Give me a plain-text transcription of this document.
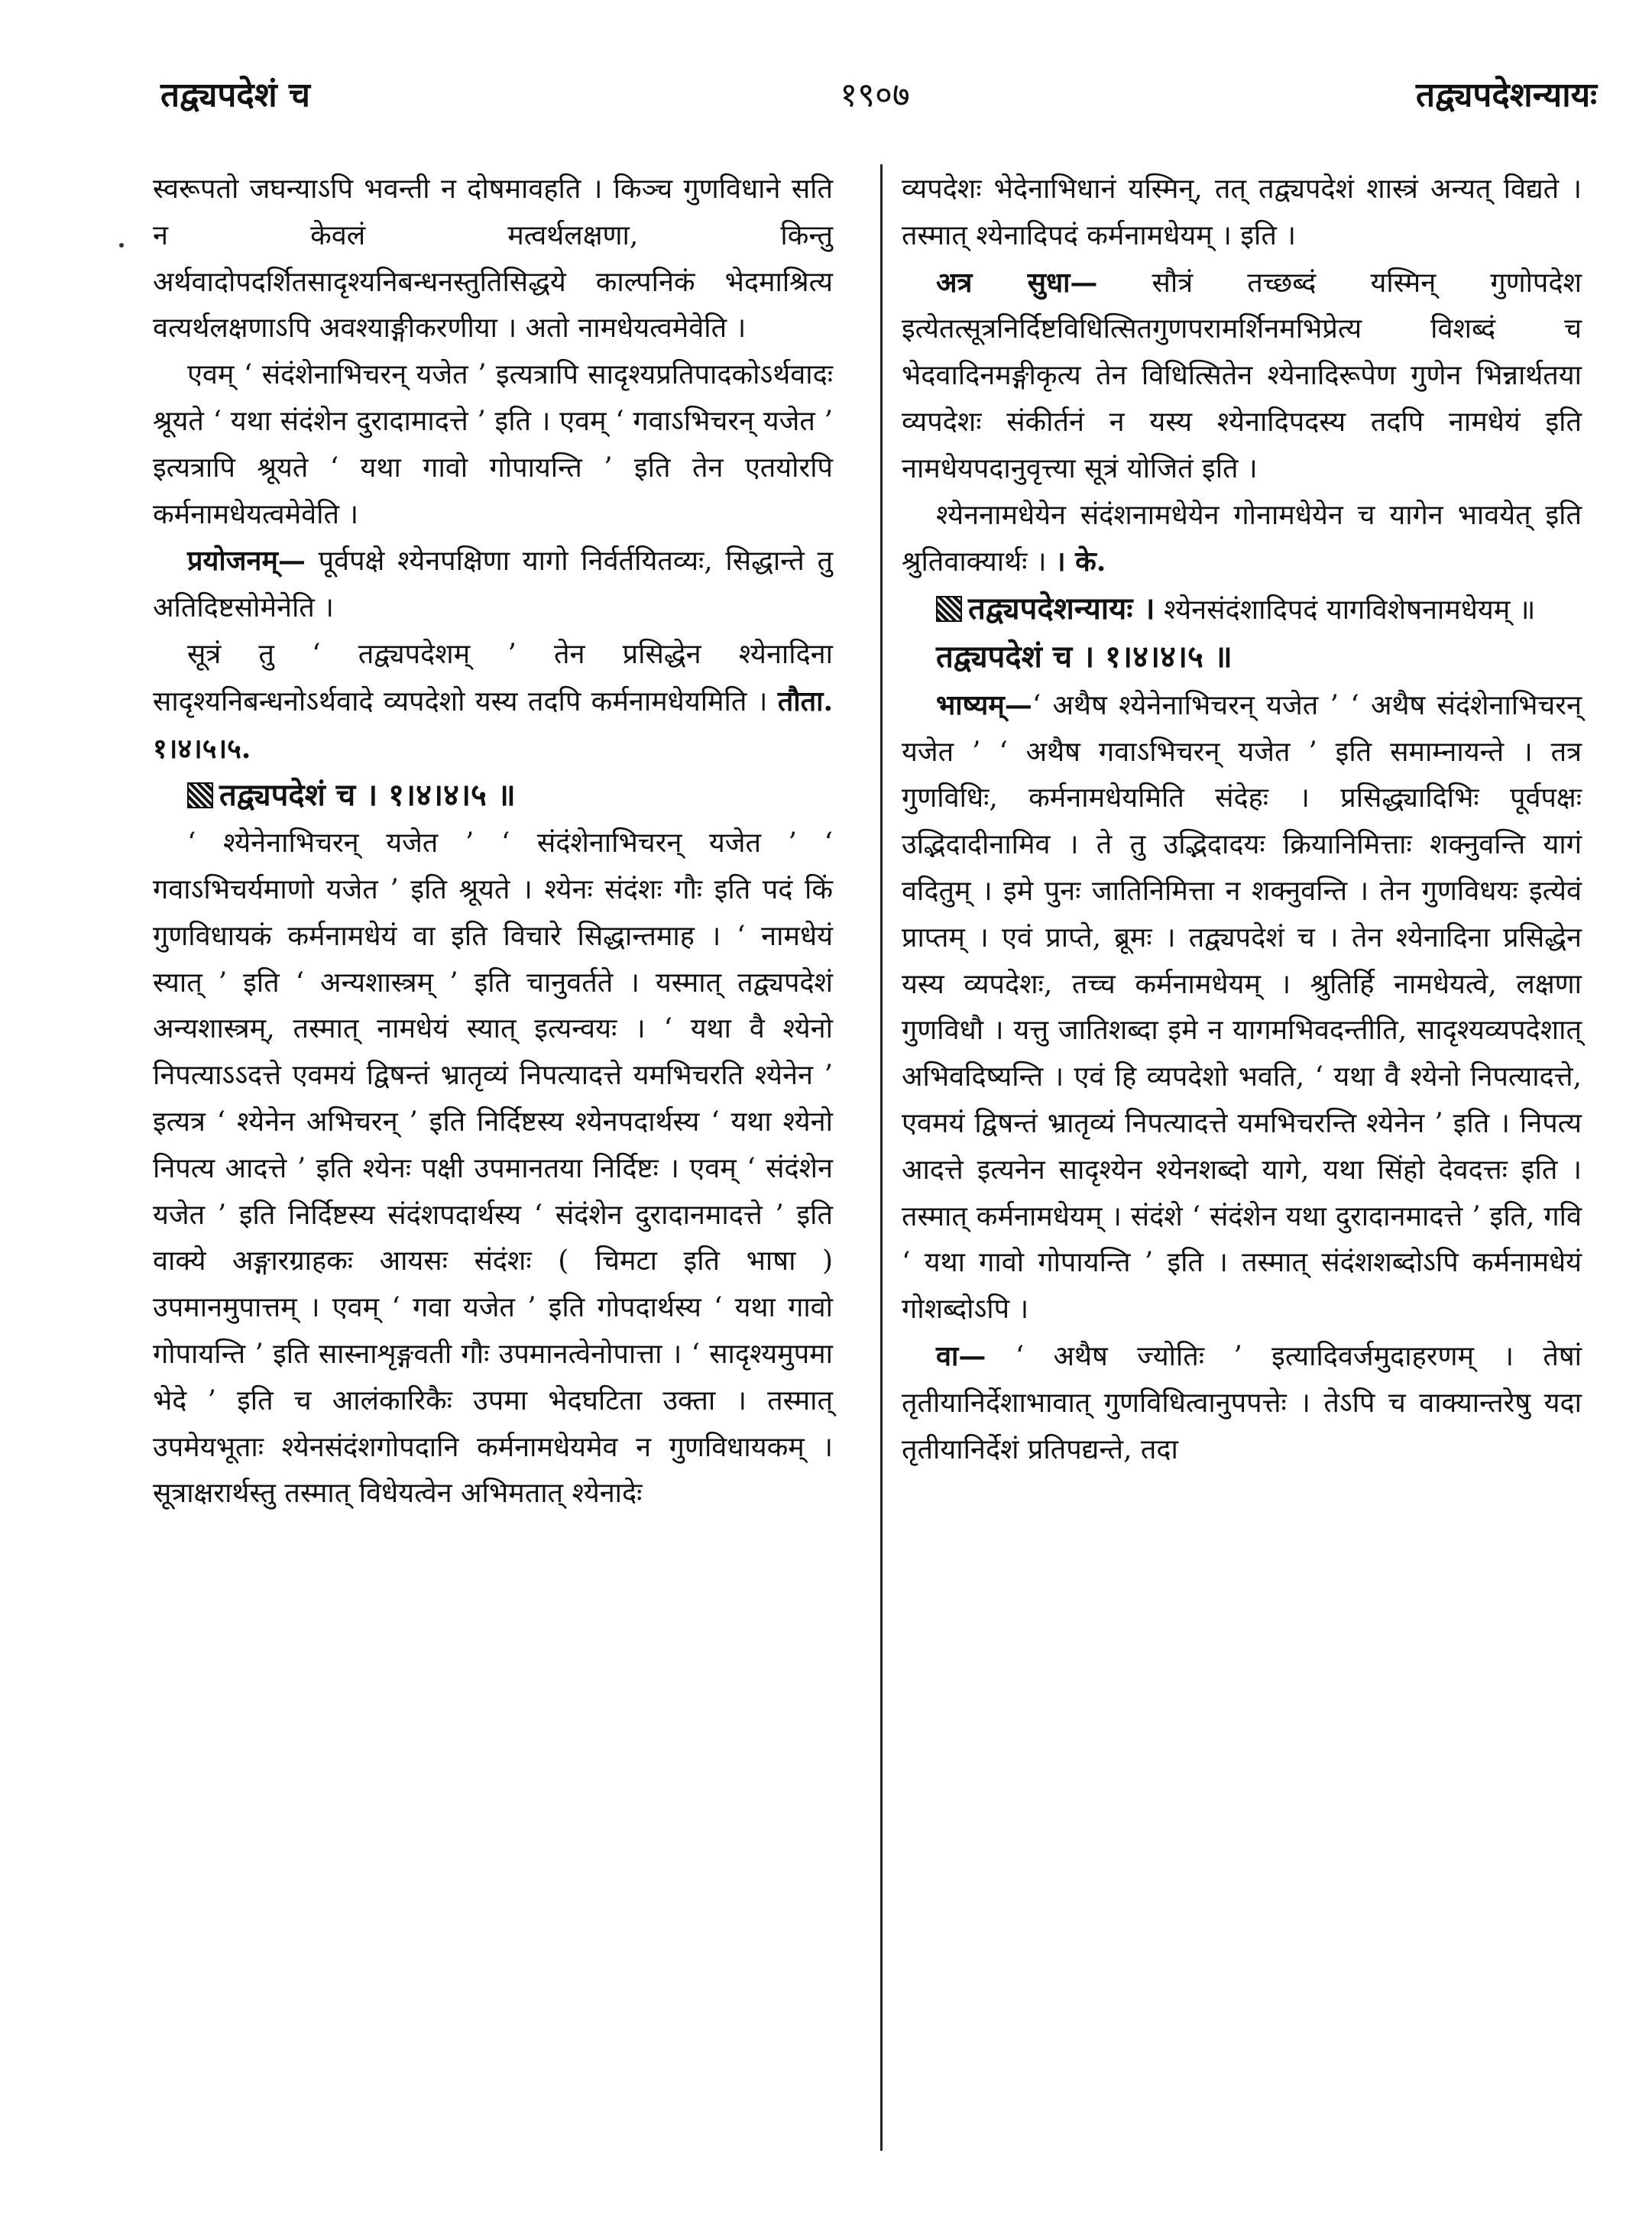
तद्व्यपदेशं च	१९०७	तद्व्यपदेशन्यायः

स्वरूपतो जघन्याऽपि भवन्ती न दोषमावहति । किञ्च गुणविधाने सति न केवलं मत्वर्थलक्षणा, किन्तु अर्थवादोपदर्शितसादृश्यनिबन्धनस्तुतिसिद्धये काल्पनिकं भेदमाश्रित्य वत्यर्थलक्षणाऽपि अवश्याङ्गीकरणीया । अतो नामधेयत्वमेवेति ।

एवम् ‘ संदंशेनाभिचरन् यजेत ’ इत्यत्रापि सादृश्यप्रतिपादकोऽर्थवादः श्रूयते ‘ यथा संदंशेन दुरादामादत्ते ’ इति । एवम् ‘ गवाऽभिचरन् यजेत ’ इत्यत्रापि श्रूयते ‘ यथा गावो गोपायन्ति ’ इति तेन एतयोरपि कर्मनामधेयत्वमेवेति ।

प्रयोजनम्— पूर्वपक्षे श्येनपक्षिणा यागो निर्वर्तयितव्यः, सिद्धान्ते तु अतिदिष्टसोमेनेति ।

सूत्रं तु ‘ तद्व्यपदेशम् ’ तेन प्रसिद्धेन श्येनादिना सादृश्यनिबन्धनोऽर्थवादे व्यपदेशो यस्य तदपि कर्मनामधेयमिति । तौता. १।४।५।५.

तद्व्यपदेशं च । १।४।४।५ ॥

‘ श्येनेनाभिचरन् यजेत ’ ‘ संदंशेनाभिचरन् यजेत ’ ‘ गवाऽभिचर्यमाणो यजेत ’ इति श्रूयते । श्येनः संदंशः गौः इति पदं किं गुणविधायकं कर्मनामधेयं वा इति विचारे सिद्धान्तमाह । ‘ नामधेयं स्यात् ’ इति ‘ अन्यशास्त्रम् ’ इति चानुवर्तते । यस्मात् तद्व्यपदेशं अन्यशास्त्रम्, तस्मात् नामधेयं स्यात् इत्यन्वयः । ‘ यथा वै श्येनो निपत्याऽऽदत्ते एवमयं द्विषन्तं भ्रातृव्यं निपत्यादत्ते यमभिचरति श्येनेन ’ इत्यत्र ‘ श्येनेन अभिचरन् ’ इति निर्दिष्टस्य श्येनपदार्थस्य ‘ यथा श्येनो निपत्य आदत्ते ’ इति श्येनः पक्षी उपमानतया निर्दिष्टः । एवम् ‘ संदंशेन यजेत ’ इति निर्दिष्टस्य संदंशपदार्थस्य ‘ संदंशेन दुरादानमादत्ते ’ इति वाक्ये अङ्गारग्राहकः आयसः संदंशः ( चिमटा इति भाषा ) उपमानमुपात्तम् । एवम् ‘ गवा यजेत ’ इति गोपदार्थस्य ‘ यथा गावो गोपायन्ति ’ इति सास्नाशृङ्गवती गौः उपमानत्वेनोपात्ता । ‘ सादृश्यमुपमा भेदे ’ इति च आलंकारिकैः उपमा भेदघटिता उक्ता । तस्मात् उपमेयभूताः श्येनसंदंशगोपदानि कर्मनामधेयमेव न गुणविधायकम् । सूत्राक्षरार्थस्तु तस्मात् विधेयत्वेन अभिमतात् श्येनादेः

व्यपदेशः भेदेनाभिधानं यस्मिन्, तत् तद्व्यपदेशं शास्त्रं अन्यत् विद्यते । तस्मात् श्येनादिपदं कर्मनामधेयम् । इति ।

अत्र सुधा— सौत्रं तच्छब्दं यस्मिन् गुणोपदेश इत्येतत्सूत्रनिर्दिष्टविधित्सितगुणपरामर्शिनमभिप्रेत्य विशब्दं च भेदवादिनमङ्गीकृत्य तेन विधित्सितेन श्येनादिरूपेण गुणेन भिन्नार्थतया व्यपदेशः संकीर्तनं न यस्य श्येनादिपदस्य तदपि नामधेयं इति नामधेयपदानुवृत्त्या सूत्रं योजितं इति ।

श्येननामधेयेन संदंशनामधेयेन गोनामधेयेन च यागेन भावयेत् इति श्रुतिवाक्यार्थः । । के.

तद्व्यपदेशन्यायः । श्येनसंदंशादिपदं यागविशेषनामधेयम् ॥

तद्व्यपदेशं च । १।४।४।५ ॥

भाष्यम्—‘ अथैष श्येनेनाभिचरन् यजेत ’ ‘ अथैष संदंशेनाभिचरन् यजेत ’ ‘ अथैष गवाऽभिचरन् यजेत ’ इति समाम्नायन्ते । तत्र गुणविधिः, कर्मनामधेयमिति संदेहः । प्रसिद्ध्यादिभिः पूर्वपक्षः उद्भिदादीनामिव । ते तु उद्भिदादयः क्रियानिमित्ताः शक्नुवन्ति यागं वदितुम् । इमे पुनः जातिनिमित्ता न शक्नुवन्ति । तेन गुणविधयः इत्येवं प्राप्तम् । एवं प्राप्ते, ब्रूमः । तद्व्यपदेशं च । तेन श्येनादिना प्रसिद्धेन यस्य व्यपदेशः, तच्च कर्मनामधेयम् । श्रुतिर्हि नामधेयत्वे, लक्षणा गुणविधौ । यत्तु जातिशब्दा इमे न यागमभिवदन्तीति, सादृश्यव्यपदेशात् अभिवदिष्यन्ति । एवं हि व्यपदेशो भवति, ‘ यथा वै श्येनो निपत्यादत्ते, एवमयं द्विषन्तं भ्रातृव्यं निपत्यादत्ते यमभिचरन्ति श्येनेन ’ इति । निपत्य आदत्ते इत्यनेन सादृश्येन श्येनशब्दो यागे, यथा सिंहो देवदत्तः इति । तस्मात् कर्मनामधेयम् । संदंशे ‘ संदंशेन यथा दुरादानमादत्ते ’ इति, गवि ‘ यथा गावो गोपायन्ति ’ इति । तस्मात् संदंशशब्दोऽपि कर्मनामधेयं गोशब्दोऽपि ।

वा— ‘ अथैष ज्योतिः ’ इत्यादिवर्जमुदाहरणम् । तेषां तृतीयानिर्देशाभावात् गुणविधित्वानुपपत्तेः । तेऽपि च वाक्यान्तरेषु यदा तृतीयानिर्देशं प्रतिपद्यन्ते, तदा
